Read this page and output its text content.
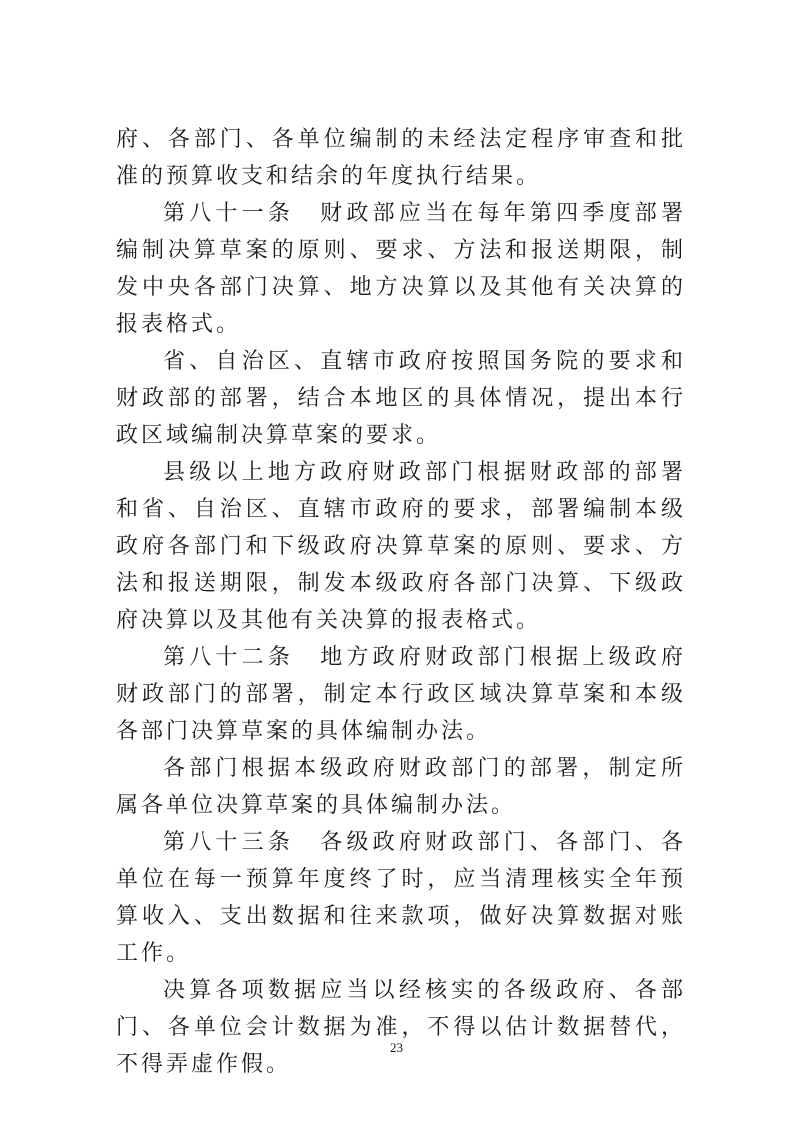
府、各部门、各单位编制的未经法定程序审查和批准的预算收支和结余的年度执行结果。

第八十一条　财政部应当在每年第四季度部署编制决算草案的原则、要求、方法和报送期限，制发中央各部门决算、地方决算以及其他有关决算的报表格式。

省、自治区、直辖市政府按照国务院的要求和财政部的部署，结合本地区的具体情况，提出本行政区域编制决算草案的要求。

县级以上地方政府财政部门根据财政部的部署和省、自治区、直辖市政府的要求，部署编制本级政府各部门和下级政府决算草案的原则、要求、方法和报送期限，制发本级政府各部门决算、下级政府决算以及其他有关决算的报表格式。

第八十二条　地方政府财政部门根据上级政府财政部门的部署，制定本行政区域决算草案和本级各部门决算草案的具体编制办法。

各部门根据本级政府财政部门的部署，制定所属各单位决算草案的具体编制办法。

第八十三条　各级政府财政部门、各部门、各单位在每一预算年度终了时，应当清理核实全年预算收入、支出数据和往来款项，做好决算数据对账工作。

决算各项数据应当以经核实的各级政府、各部门、各单位会计数据为准，不得以估计数据替代，不得弄虚作假。

23
